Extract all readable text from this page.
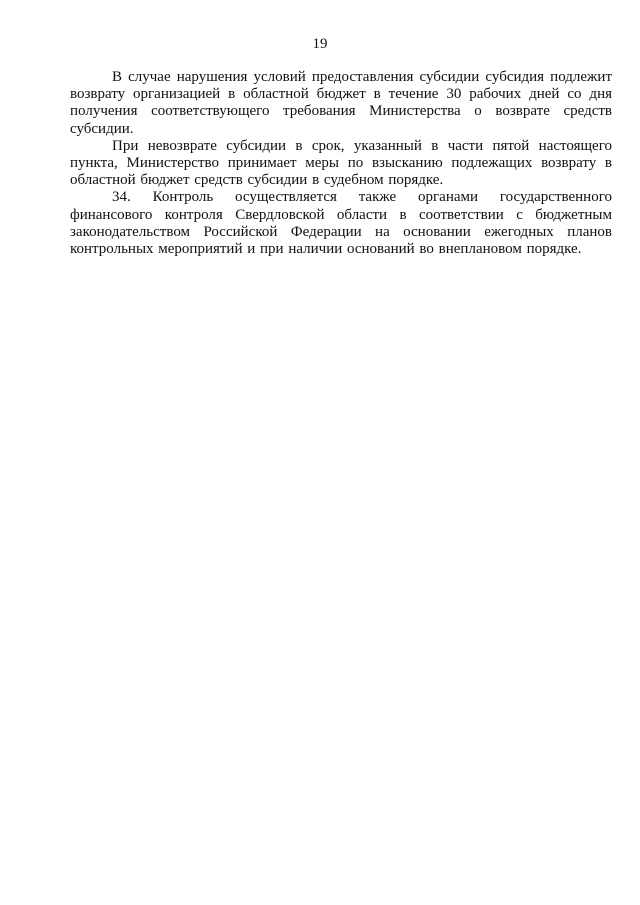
19

В случае нарушения условий предоставления субсидии субсидия подлежит возврату организацией в областной бюджет в течение 30 рабочих дней со дня получения соответствующего требования Министерства о возврате средств субсидии.

При невозврате субсидии в срок, указанный в части пятой настоящего пункта, Министерство принимает меры по взысканию подлежащих возврату в областной бюджет средств субсидии в судебном порядке.

34. Контроль осуществляется также органами государственного финансового контроля Свердловской области в соответствии с бюджетным законодательством Российской Федерации на основании ежегодных планов контрольных мероприятий и при наличии оснований во внеплановом порядке.
